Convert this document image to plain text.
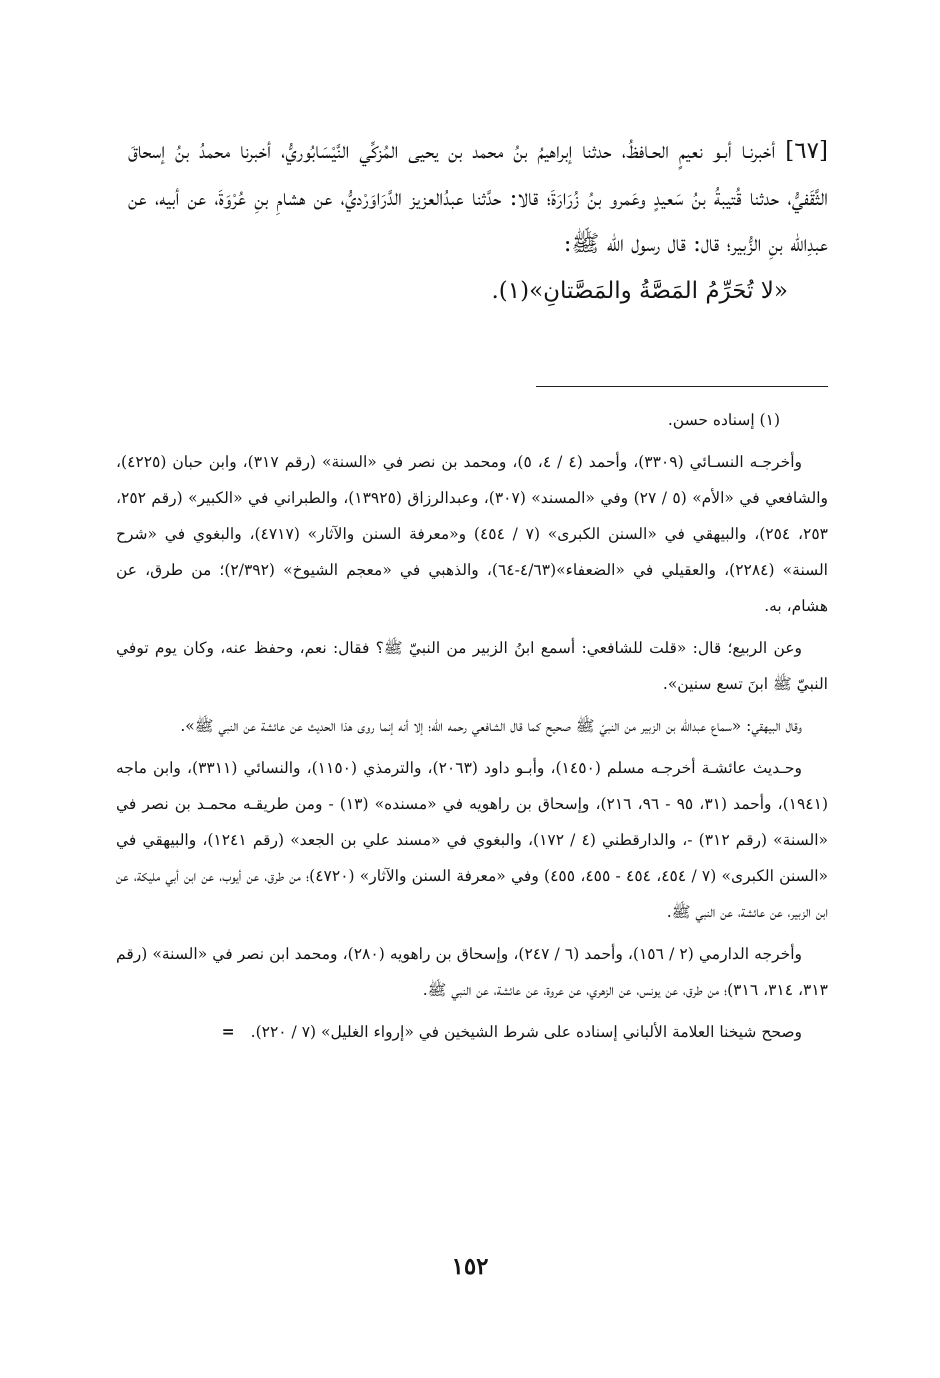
[٦٧] أخبرنـا أبـو نعيمٍ الحـافظُ، حدثنا إبراهيمُ بنُ محمد بن يحيى المُزكِّي النَّيْسَابُوريُّ، أخبرنا محمدُ بنُ إسحاقَ الثَّقَفيُّ، حدثنا قُتيبةُ بنُ سَعيدٍ وعَمرو بنُ زُرَارَةَ؛ قالا: حدَّثنا عبدُالعزيز الدَّرَاوَرْديُّ، عن هشامِ بنِ عُرْوَةَ، عن أبيه، عن عبدِالله بنِ الزُّبير؛ قال: قال رسول الله ﷺ:
«لا تُحَرِّمُ المَصَّةُ والمَصَّتانِ»(١).

(١) إسناده حسن.

وأخرجـه النسـائي (٣٣٠٩)، وأحمد (٤ / ٤، ٥)، ومحمد بن نصر في «السنة» (رقم ٣١٧)، وابن حبان (٤٢٢٥)، والشافعي في «الأم» (٥ / ٢٧) وفي «المسند» (٣٠٧)، وعبدالرزاق (١٣٩٢٥)، والطبراني في «الكبير» (رقم ٢٥٢، ٢٥٣، ٢٥٤)، والبيهقي في «السنن الكبرى» (٧ / ٤٥٤) و«معرفة السنن والآثار» (٤٧١٧)، والبغوي في «شرح السنة» (٢٢٨٤)، والعقيلي في «الضعفاء»(٤/٦٣-٦٤)، والذهبي في «معجم الشيوخ» (٢/٣٩٢)؛ من طرق، عن هشام، به.

وعن الربيع؛ قال: «قلت للشافعي: أسمع ابنُ الزبير من النبيّ ﷺ؟ فقال: نعم، وحفظ عنه، وكان يوم توفي النبيّ ﷺ ابنَ تسع سنين».

وقال البيهقي: «سماع عبدالله بن الزبير من النبيّ ﷺ صحيح كما قال الشافعي رحمه الله؛ إلا أنه إنما روى هذا الحديث عن عائشة عن النبي ﷺ».

وحـديث عائشـة أخرجـه مسلم (١٤٥٠)، وأبـو داود (٢٠٦٣)، والترمذي (١١٥٠)، والنسائي (٣٣١١)، وابن ماجه (١٩٤١)، وأحمد (٣١، ٩٥ - ٩٦، ٢١٦)، وإسحاق بن راهويه في «مسنده» (١٣) - ومن طريقـه محمـد بن نصر في «السنة» (رقم ٣١٢) -، والدارقطني (٤ / ١٧٢)، والبغوي في «مسند علي بن الجعد» (رقم ١٢٤١)، والبيهقي في «السنن الكبرى» (٧ / ٤٥٤، ٤٥٤ - ٤٥٥، ٤٥٥) وفي «معرفة السنن والآثار» (٤٧٢٠)؛ من طرق، عن أيوب، عن ابن أبي مليكة، عن ابن الزبير، عن عائشة، عن النبي ﷺ.

وأخرجه الدارمي (٢ / ١٥٦)، وأحمد (٦ / ٢٤٧)، وإسحاق بن راهويه (٢٨٠)، ومحمد ابن نصر في «السنة» (رقم ٣١٣، ٣١٤، ٣١٦)؛ من طرق، عن يونس، عن الزهري، عن عروة، عن عائشة، عن النبي ﷺ.

وصحح شيخنا العلامة الألباني إسناده على شرط الشيخين في «إرواء الغليل» (٧ / ٢٢٠).=

١٥٢
